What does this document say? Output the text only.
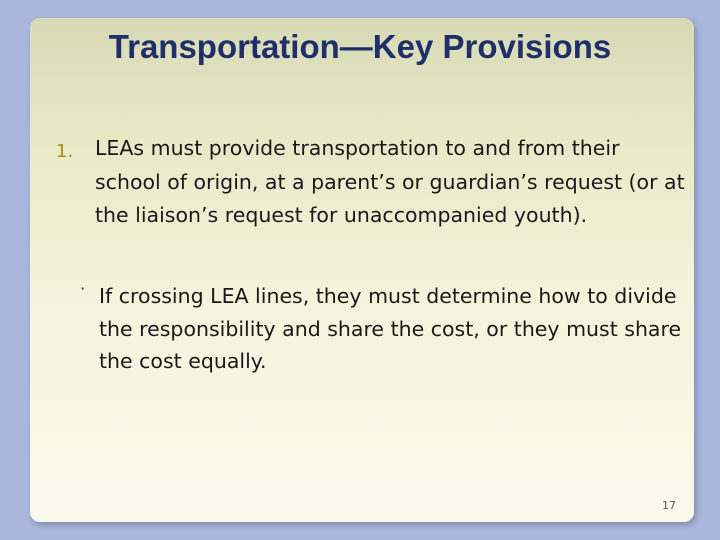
Transportation—Key Provisions
1. LEAs must provide transportation to and from their school of origin, at a parent’s or guardian’s request (or at the liaison’s request for unaccompanied youth).
· If crossing LEA lines, they must determine how to divide the responsibility and share the cost, or they must share the cost equally.
17
